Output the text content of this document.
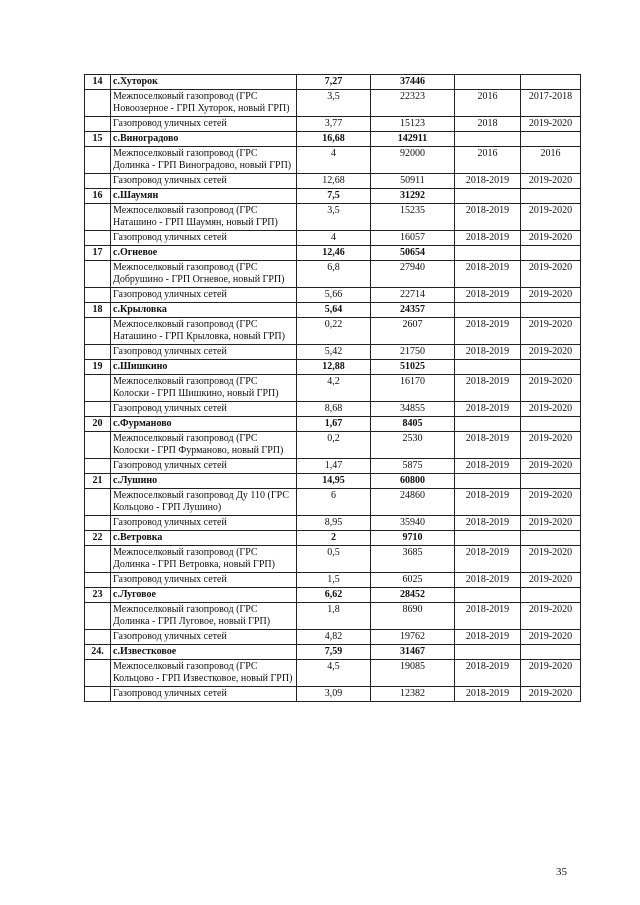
14	с.Хуторок	7,27	37446		
	Межпоселковый газопровод (ГРС Новоозерное - ГРП Хуторок, новый ГРП)	3,5	22323	2016	2017-2018
	Газопровод уличных сетей	3,77	15123	2018	2019-2020
15	с.Виноградово	16,68	142911		
	Межпоселковый газопровод (ГРС Долинка - ГРП Виноградово, новый ГРП)	4	92000	2016	2016
	Газопровод уличных сетей	12,68	50911	2018-2019	2019-2020
16	с.Шаумян	7,5	31292		
	Межпоселковый газопровод (ГРС Наташино - ГРП Шаумян, новый ГРП)	3,5	15235	2018-2019	2019-2020
	Газопровод уличных сетей	4	16057	2018-2019	2019-2020
17	с.Огневое	12,46	50654		
	Межпоселковый газопровод (ГРС Добрушино - ГРП Огневое, новый ГРП)	6,8	27940	2018-2019	2019-2020
	Газопровод уличных сетей	5,66	22714	2018-2019	2019-2020
18	с.Крыловка	5,64	24357		
	Межпоселковый газопровод (ГРС Наташино - ГРП Крыловка, новый ГРП)	0,22	2607	2018-2019	2019-2020
	Газопровод уличных сетей	5,42	21750	2018-2019	2019-2020
19	с.Шишкино	12,88	51025		
	Межпоселковый газопровод (ГРС Колоски - ГРП Шишкино, новый ГРП)	4,2	16170	2018-2019	2019-2020
	Газопровод уличных сетей	8,68	34855	2018-2019	2019-2020
20	с.Фурманово	1,67	8405		
	Межпоселковый газопровод (ГРС Колоски - ГРП Фурманово, новый ГРП)	0,2	2530	2018-2019	2019-2020
	Газопровод уличных сетей	1,47	5875	2018-2019	2019-2020
21	с.Лушино	14,95	60800		
	Межпоселковый газопровод Ду 110 (ГРС Кольцово - ГРП Лушино)	6	24860	2018-2019	2019-2020
	Газопровод уличных сетей	8,95	35940	2018-2019	2019-2020
22	с.Ветровка	2	9710		
	Межпоселковый газопровод (ГРС Долинка - ГРП Ветровка, новый ГРП)	0,5	3685	2018-2019	2019-2020
	Газопровод уличных сетей	1,5	6025	2018-2019	2019-2020
23	с.Луговое	6,62	28452		
	Межпоселковый газопровод (ГРС Долинка - ГРП Луговое, новый ГРП)	1,8	8690	2018-2019	2019-2020
	Газопровод уличных сетей	4,82	19762	2018-2019	2019-2020
24.	с.Известковое	7,59	31467		
	Межпоселковый газопровод (ГРС Кольцово - ГРП Известковое, новый ГРП)	4,5	19085	2018-2019	2019-2020
	Газопровод уличных сетей	3,09	12382	2018-2019	2019-2020
35
